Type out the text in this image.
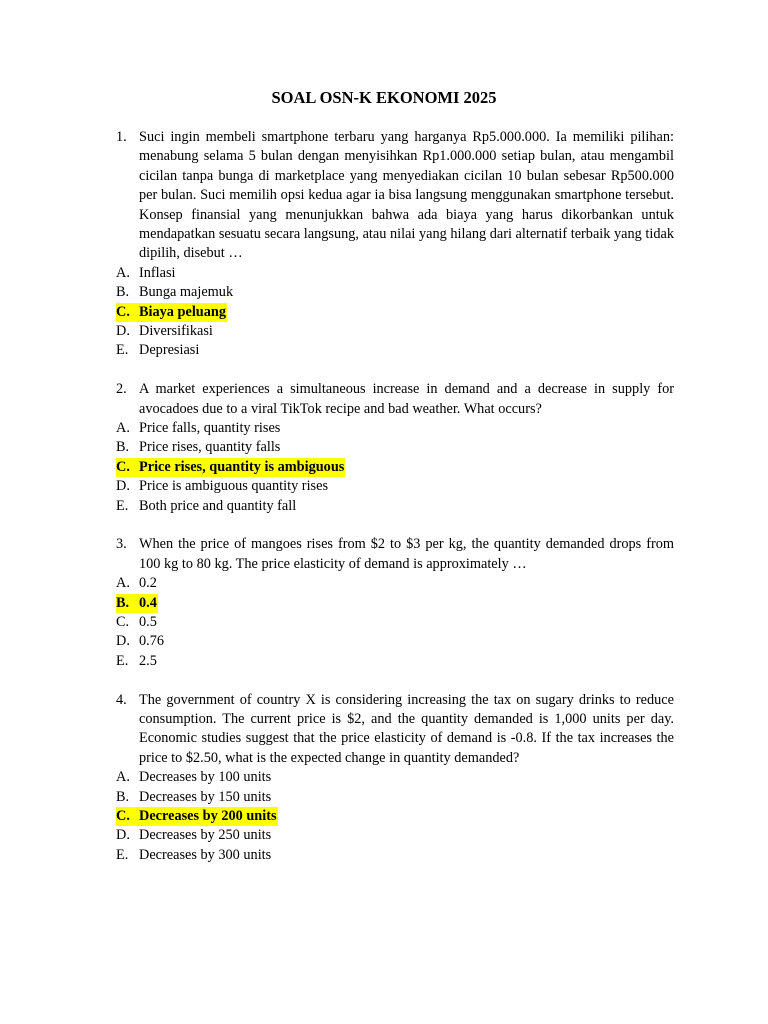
SOAL OSN-K EKONOMI 2025
1. Suci ingin membeli smartphone terbaru yang harganya Rp5.000.000. Ia memiliki pilihan: menabung selama 5 bulan dengan menyisihkan Rp1.000.000 setiap bulan, atau mengambil cicilan tanpa bunga di marketplace yang menyediakan cicilan 10 bulan sebesar Rp500.000 per bulan. Suci memilih opsi kedua agar ia bisa langsung menggunakan smartphone tersebut. Konsep finansial yang menunjukkan bahwa ada biaya yang harus dikorbankan untuk mendapatkan sesuatu secara langsung, atau nilai yang hilang dari alternatif terbaik yang tidak dipilih, disebut …
A. Inflasi
B. Bunga majemuk
C. Biaya peluang
D. Diversifikasi
E. Depresiasi
2. A market experiences a simultaneous increase in demand and a decrease in supply for avocadoes due to a viral TikTok recipe and bad weather. What occurs?
A. Price falls, quantity rises
B. Price rises, quantity falls
C. Price rises, quantity is ambiguous
D. Price is ambiguous quantity rises
E. Both price and quantity fall
3. When the price of mangoes rises from $2 to $3 per kg, the quantity demanded drops from 100 kg to 80 kg. The price elasticity of demand is approximately …
A. 0.2
B. 0.4
C. 0.5
D. 0.76
E. 2.5
4. The government of country X is considering increasing the tax on sugary drinks to reduce consumption. The current price is $2, and the quantity demanded is 1,000 units per day. Economic studies suggest that the price elasticity of demand is -0.8. If the tax increases the price to $2.50, what is the expected change in quantity demanded?
A. Decreases by 100 units
B. Decreases by 150 units
C. Decreases by 200 units
D. Decreases by 250 units
E. Decreases by 300 units
